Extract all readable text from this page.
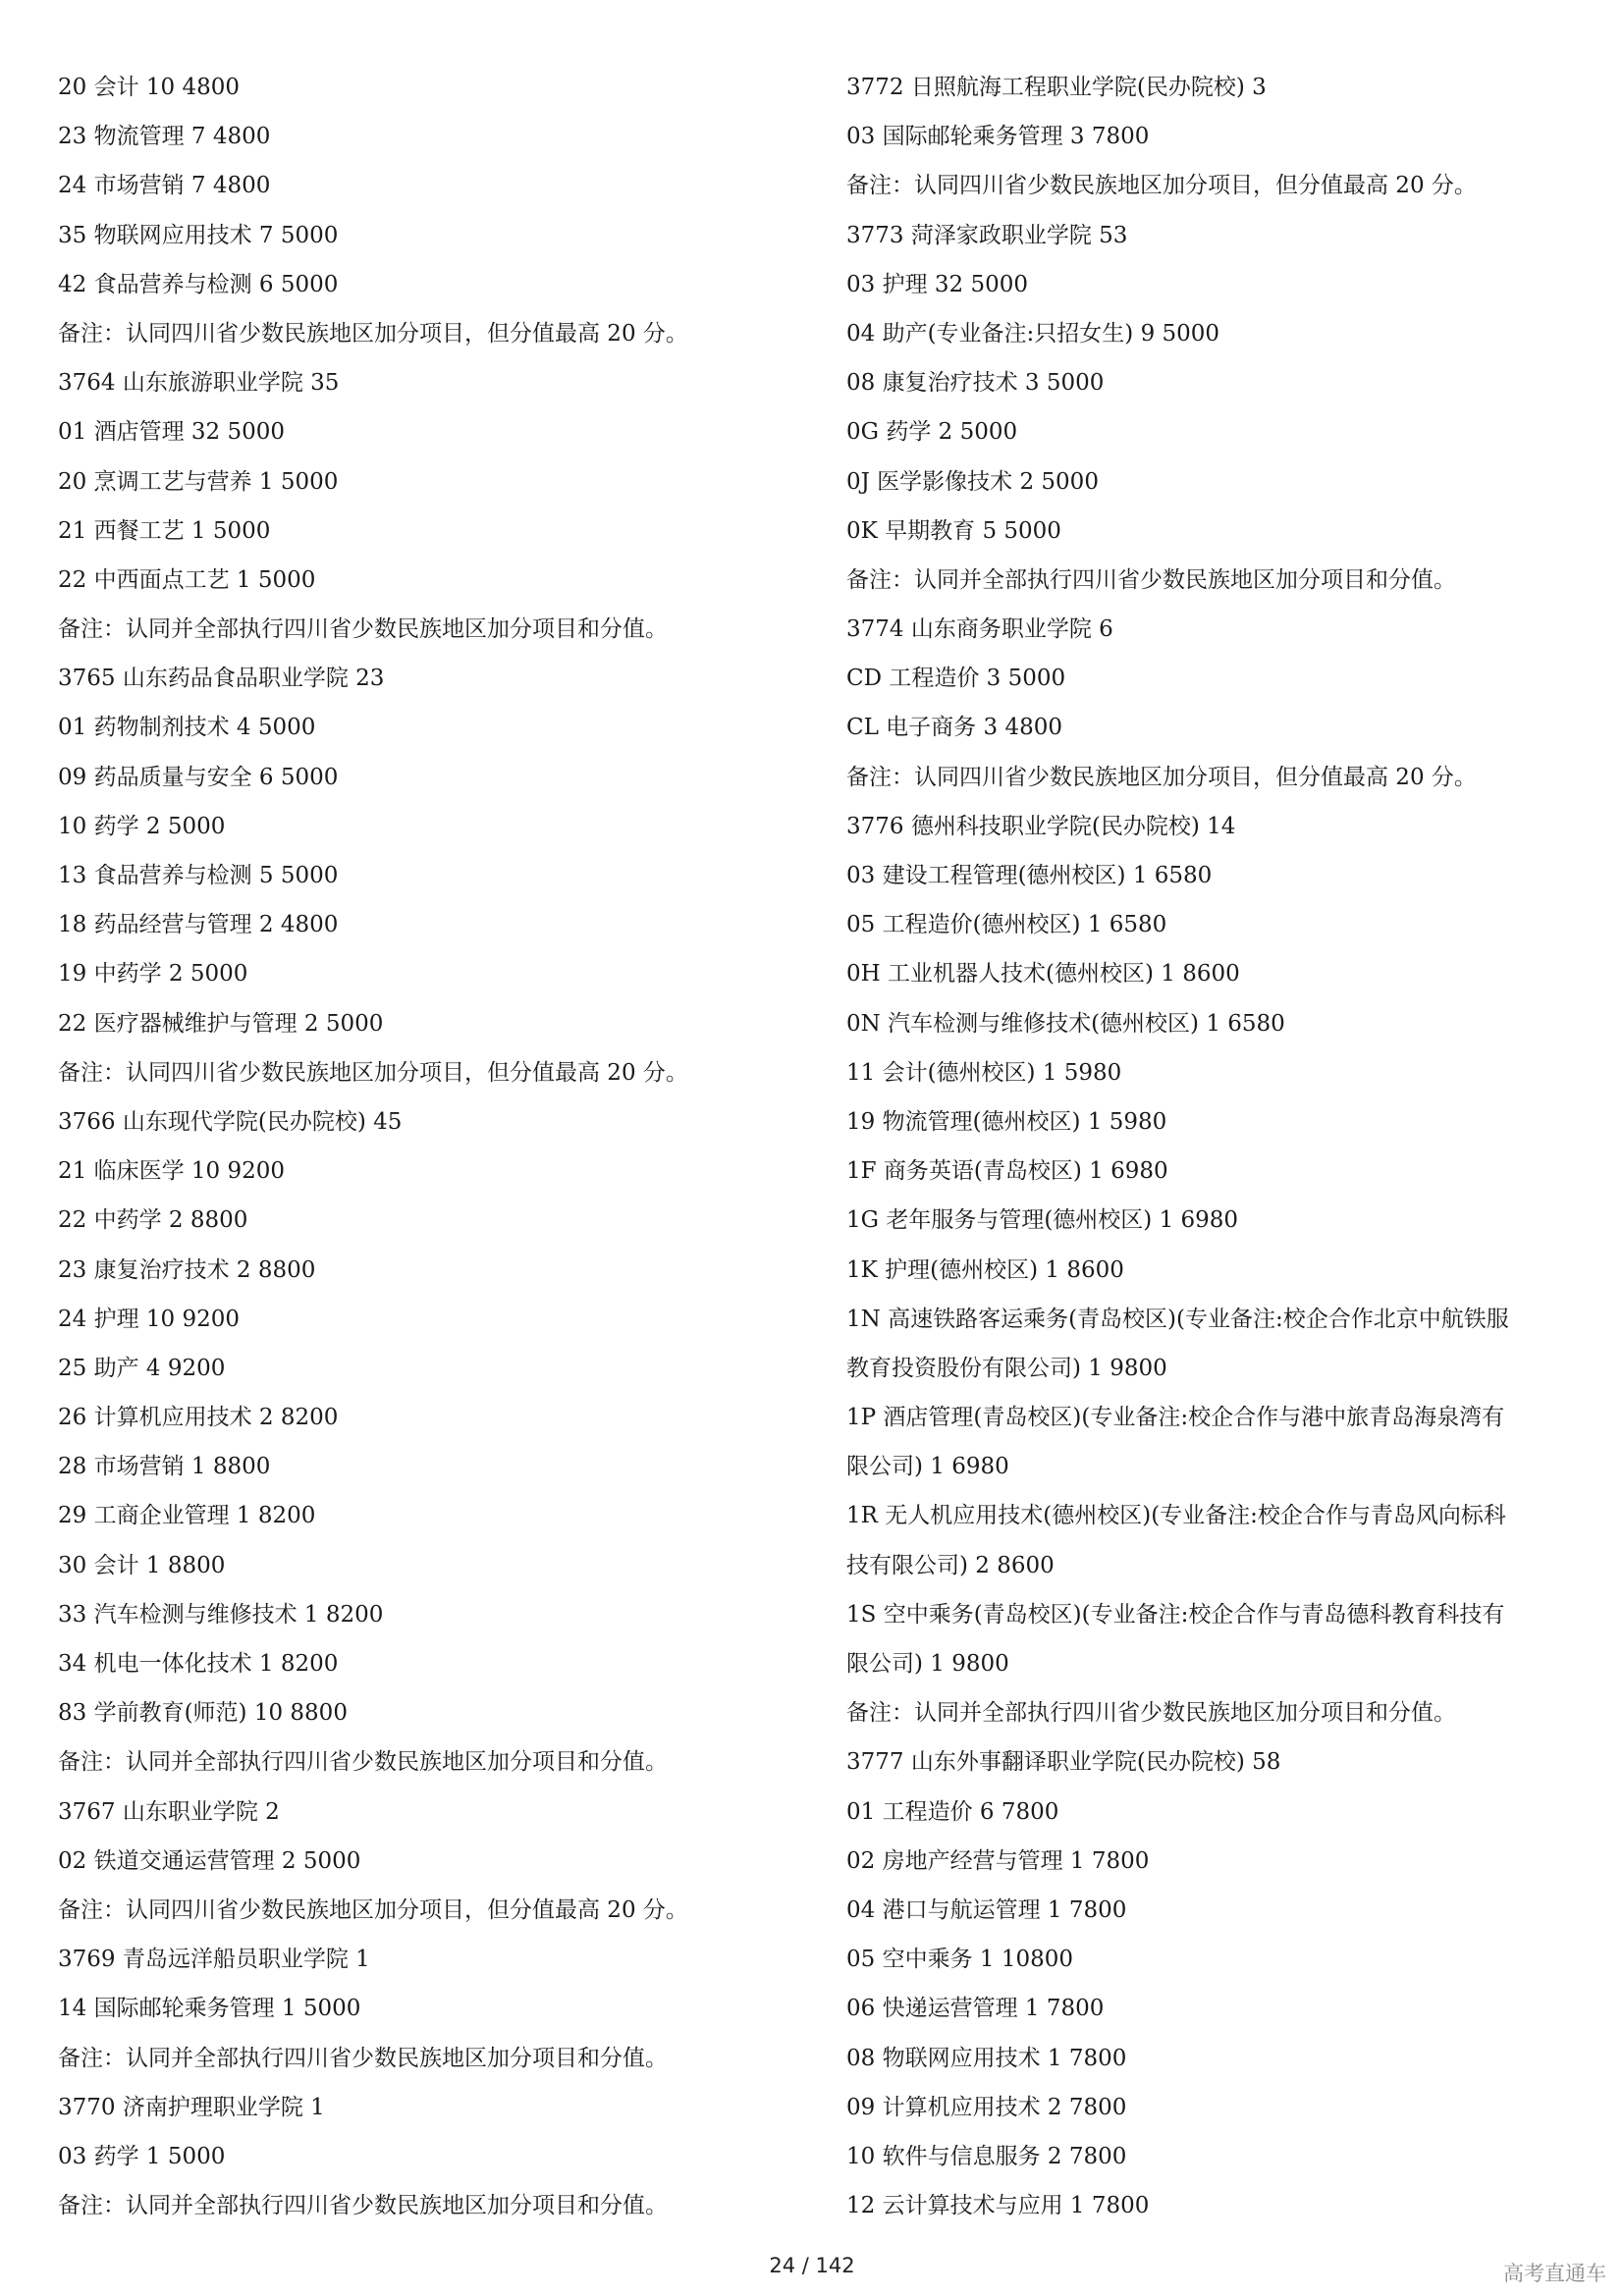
20 会计 10 4800
23 物流管理 7 4800
24 市场营销 7 4800
35 物联网应用技术 7 5000
42 食品营养与检测 6 5000
备注：认同四川省少数民族地区加分项目，但分值最高 20 分。
3764 山东旅游职业学院 35
01 酒店管理 32 5000
20 烹调工艺与营养 1 5000
21 西餐工艺 1 5000
22 中西面点工艺 1 5000
备注：认同并全部执行四川省少数民族地区加分项目和分值。
3765 山东药品食品职业学院 23
01 药物制剂技术 4 5000
09 药品质量与安全 6 5000
10 药学 2 5000
13 食品营养与检测 5 5000
18 药品经营与管理 2 4800
19 中药学 2 5000
22 医疗器械维护与管理 2 5000
备注：认同四川省少数民族地区加分项目，但分值最高 20 分。
3766 山东现代学院(民办院校) 45
21 临床医学 10 9200
22 中药学 2 8800
23 康复治疗技术 2 8800
24 护理 10 9200
25 助产 4 9200
26 计算机应用技术 2 8200
28 市场营销 1 8800
29 工商企业管理 1 8200
30 会计 1 8800
33 汽车检测与维修技术 1 8200
34 机电一体化技术 1 8200
83 学前教育(师范) 10 8800
备注：认同并全部执行四川省少数民族地区加分项目和分值。
3767 山东职业学院 2
02 铁道交通运营管理 2 5000
备注：认同四川省少数民族地区加分项目，但分值最高 20 分。
3769 青岛远洋船员职业学院 1
14 国际邮轮乘务管理 1 5000
备注：认同并全部执行四川省少数民族地区加分项目和分值。
3770 济南护理职业学院 1
03 药学 1 5000
备注：认同并全部执行四川省少数民族地区加分项目和分值。
3772 日照航海工程职业学院(民办院校) 3
03 国际邮轮乘务管理 3 7800
备注：认同四川省少数民族地区加分项目，但分值最高 20 分。
3773 菏泽家政职业学院 53
03 护理 32 5000
04 助产(专业备注:只招女生) 9 5000
08 康复治疗技术 3 5000
0G 药学 2 5000
0J 医学影像技术 2 5000
0K 早期教育 5 5000
备注：认同并全部执行四川省少数民族地区加分项目和分值。
3774 山东商务职业学院 6
CD 工程造价 3 5000
CL 电子商务 3 4800
备注：认同四川省少数民族地区加分项目，但分值最高 20 分。
3776 德州科技职业学院(民办院校) 14
03 建设工程管理(德州校区) 1 6580
05 工程造价(德州校区) 1 6580
0H 工业机器人技术(德州校区) 1 8600
0N 汽车检测与维修技术(德州校区) 1 6580
11 会计(德州校区) 1 5980
19 物流管理(德州校区) 1 5980
1F 商务英语(青岛校区) 1 6980
1G 老年服务与管理(德州校区) 1 6980
1K 护理(德州校区) 1 8600
1N 高速铁路客运乘务(青岛校区)(专业备注:校企合作北京中航铁服
教育投资股份有限公司) 1 9800
1P 酒店管理(青岛校区)(专业备注:校企合作与港中旅青岛海泉湾有
限公司) 1 6980
1R 无人机应用技术(德州校区)(专业备注:校企合作与青岛风向标科
技有限公司) 2 8600
1S 空中乘务(青岛校区)(专业备注:校企合作与青岛德科教育科技有
限公司) 1 9800
备注：认同并全部执行四川省少数民族地区加分项目和分值。
3777 山东外事翻译职业学院(民办院校) 58
01 工程造价 6 7800
02 房地产经营与管理 1 7800
04 港口与航运管理 1 7800
05 空中乘务 1 10800
06 快递运营管理 1 7800
08 物联网应用技术 1 7800
09 计算机应用技术 2 7800
10 软件与信息服务 2 7800
12 云计算技术与应用 1 7800
24 / 142	高考直通车
